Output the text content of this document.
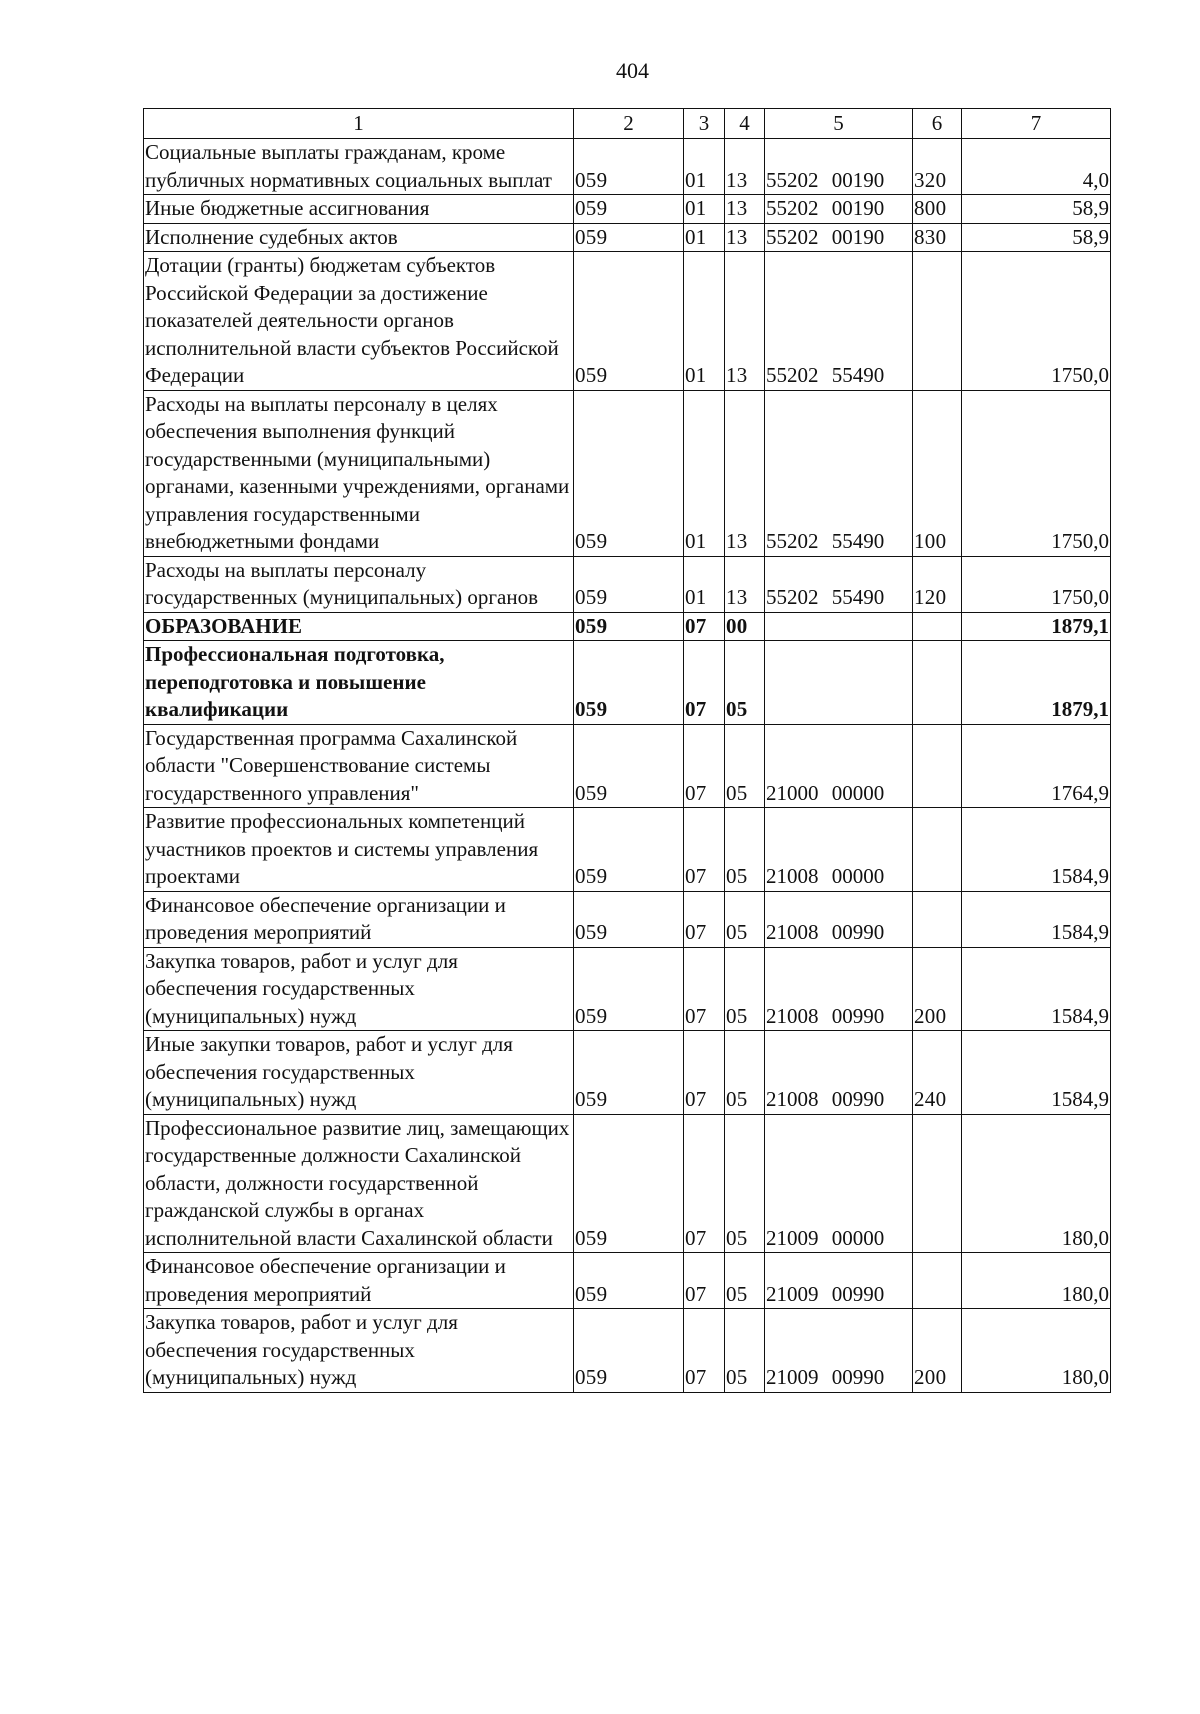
404
1	2	3	4	5	6	7
Социальные выплаты гражданам, кроме публичных нормативных социальных выплат	059	01	13	55202 00190	320	4,0
Иные бюджетные ассигнования	059	01	13	55202 00190	800	58,9
Исполнение судебных актов	059	01	13	55202 00190	830	58,9
Дотации (гранты) бюджетам субъектов Российской Федерации за достижение показателей деятельности органов исполнительной власти субъектов Российской Федерации	059	01	13	55202 55490		1750,0
Расходы на выплаты персоналу в целях обеспечения выполнения функций государственными (муниципальными) органами, казенными учреждениями, органами управления государственными внебюджетными фондами	059	01	13	55202 55490	100	1750,0
Расходы на выплаты персоналу государственных (муниципальных) органов	059	01	13	55202 55490	120	1750,0
ОБРАЗОВАНИЕ	059	07	00			1879,1
Профессиональная подготовка, переподготовка и повышение квалификации	059	07	05			1879,1
Государственная программа Сахалинской области "Совершенствование системы государственного управления"	059	07	05	21000 00000		1764,9
Развитие профессиональных компетенций участников проектов и системы управления проектами	059	07	05	21008 00000		1584,9
Финансовое обеспечение организации и проведения мероприятий	059	07	05	21008 00990		1584,9
Закупка товаров, работ и услуг для обеспечения государственных (муниципальных) нужд	059	07	05	21008 00990	200	1584,9
Иные закупки товаров, работ и услуг для обеспечения государственных (муниципальных) нужд	059	07	05	21008 00990	240	1584,9
Профессиональное развитие лиц, замещающих государственные должности Сахалинской области, должности государственной гражданской службы в органах исполнительной власти Сахалинской области	059	07	05	21009 00000		180,0
Финансовое обеспечение организации и проведения мероприятий	059	07	05	21009 00990		180,0
Закупка товаров, работ и услуг для обеспечения государственных (муниципальных) нужд	059	07	05	21009 00990	200	180,0
